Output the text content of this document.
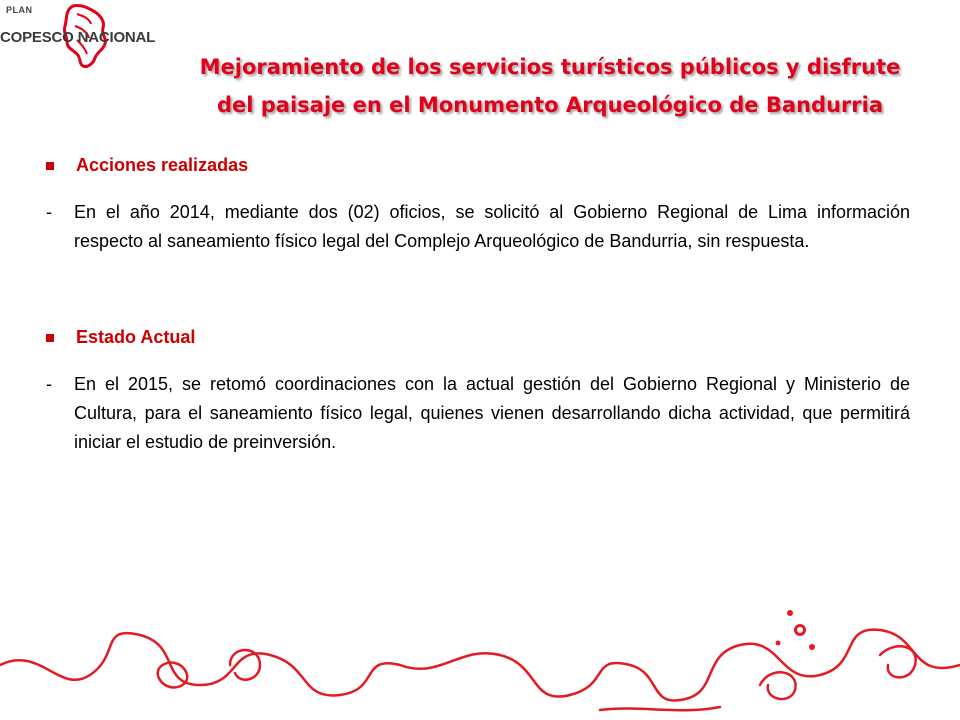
PLAN
COPESCO NACIONAL
Mejoramiento de los servicios turísticos públicos y disfrute
del paisaje en el Monumento Arqueológico de Bandurria
Acciones realizadas
- En el año 2014, mediante dos (02) oficios, se solicitó al Gobierno Regional de Lima información respecto al saneamiento físico legal del Complejo Arqueológico de Bandurria, sin respuesta.
Estado Actual
- En el 2015, se retomó coordinaciones con la actual gestión del Gobierno Regional y Ministerio de Cultura, para el saneamiento físico legal, quienes vienen desarrollando dicha actividad, que permitirá iniciar el estudio de preinversión.
